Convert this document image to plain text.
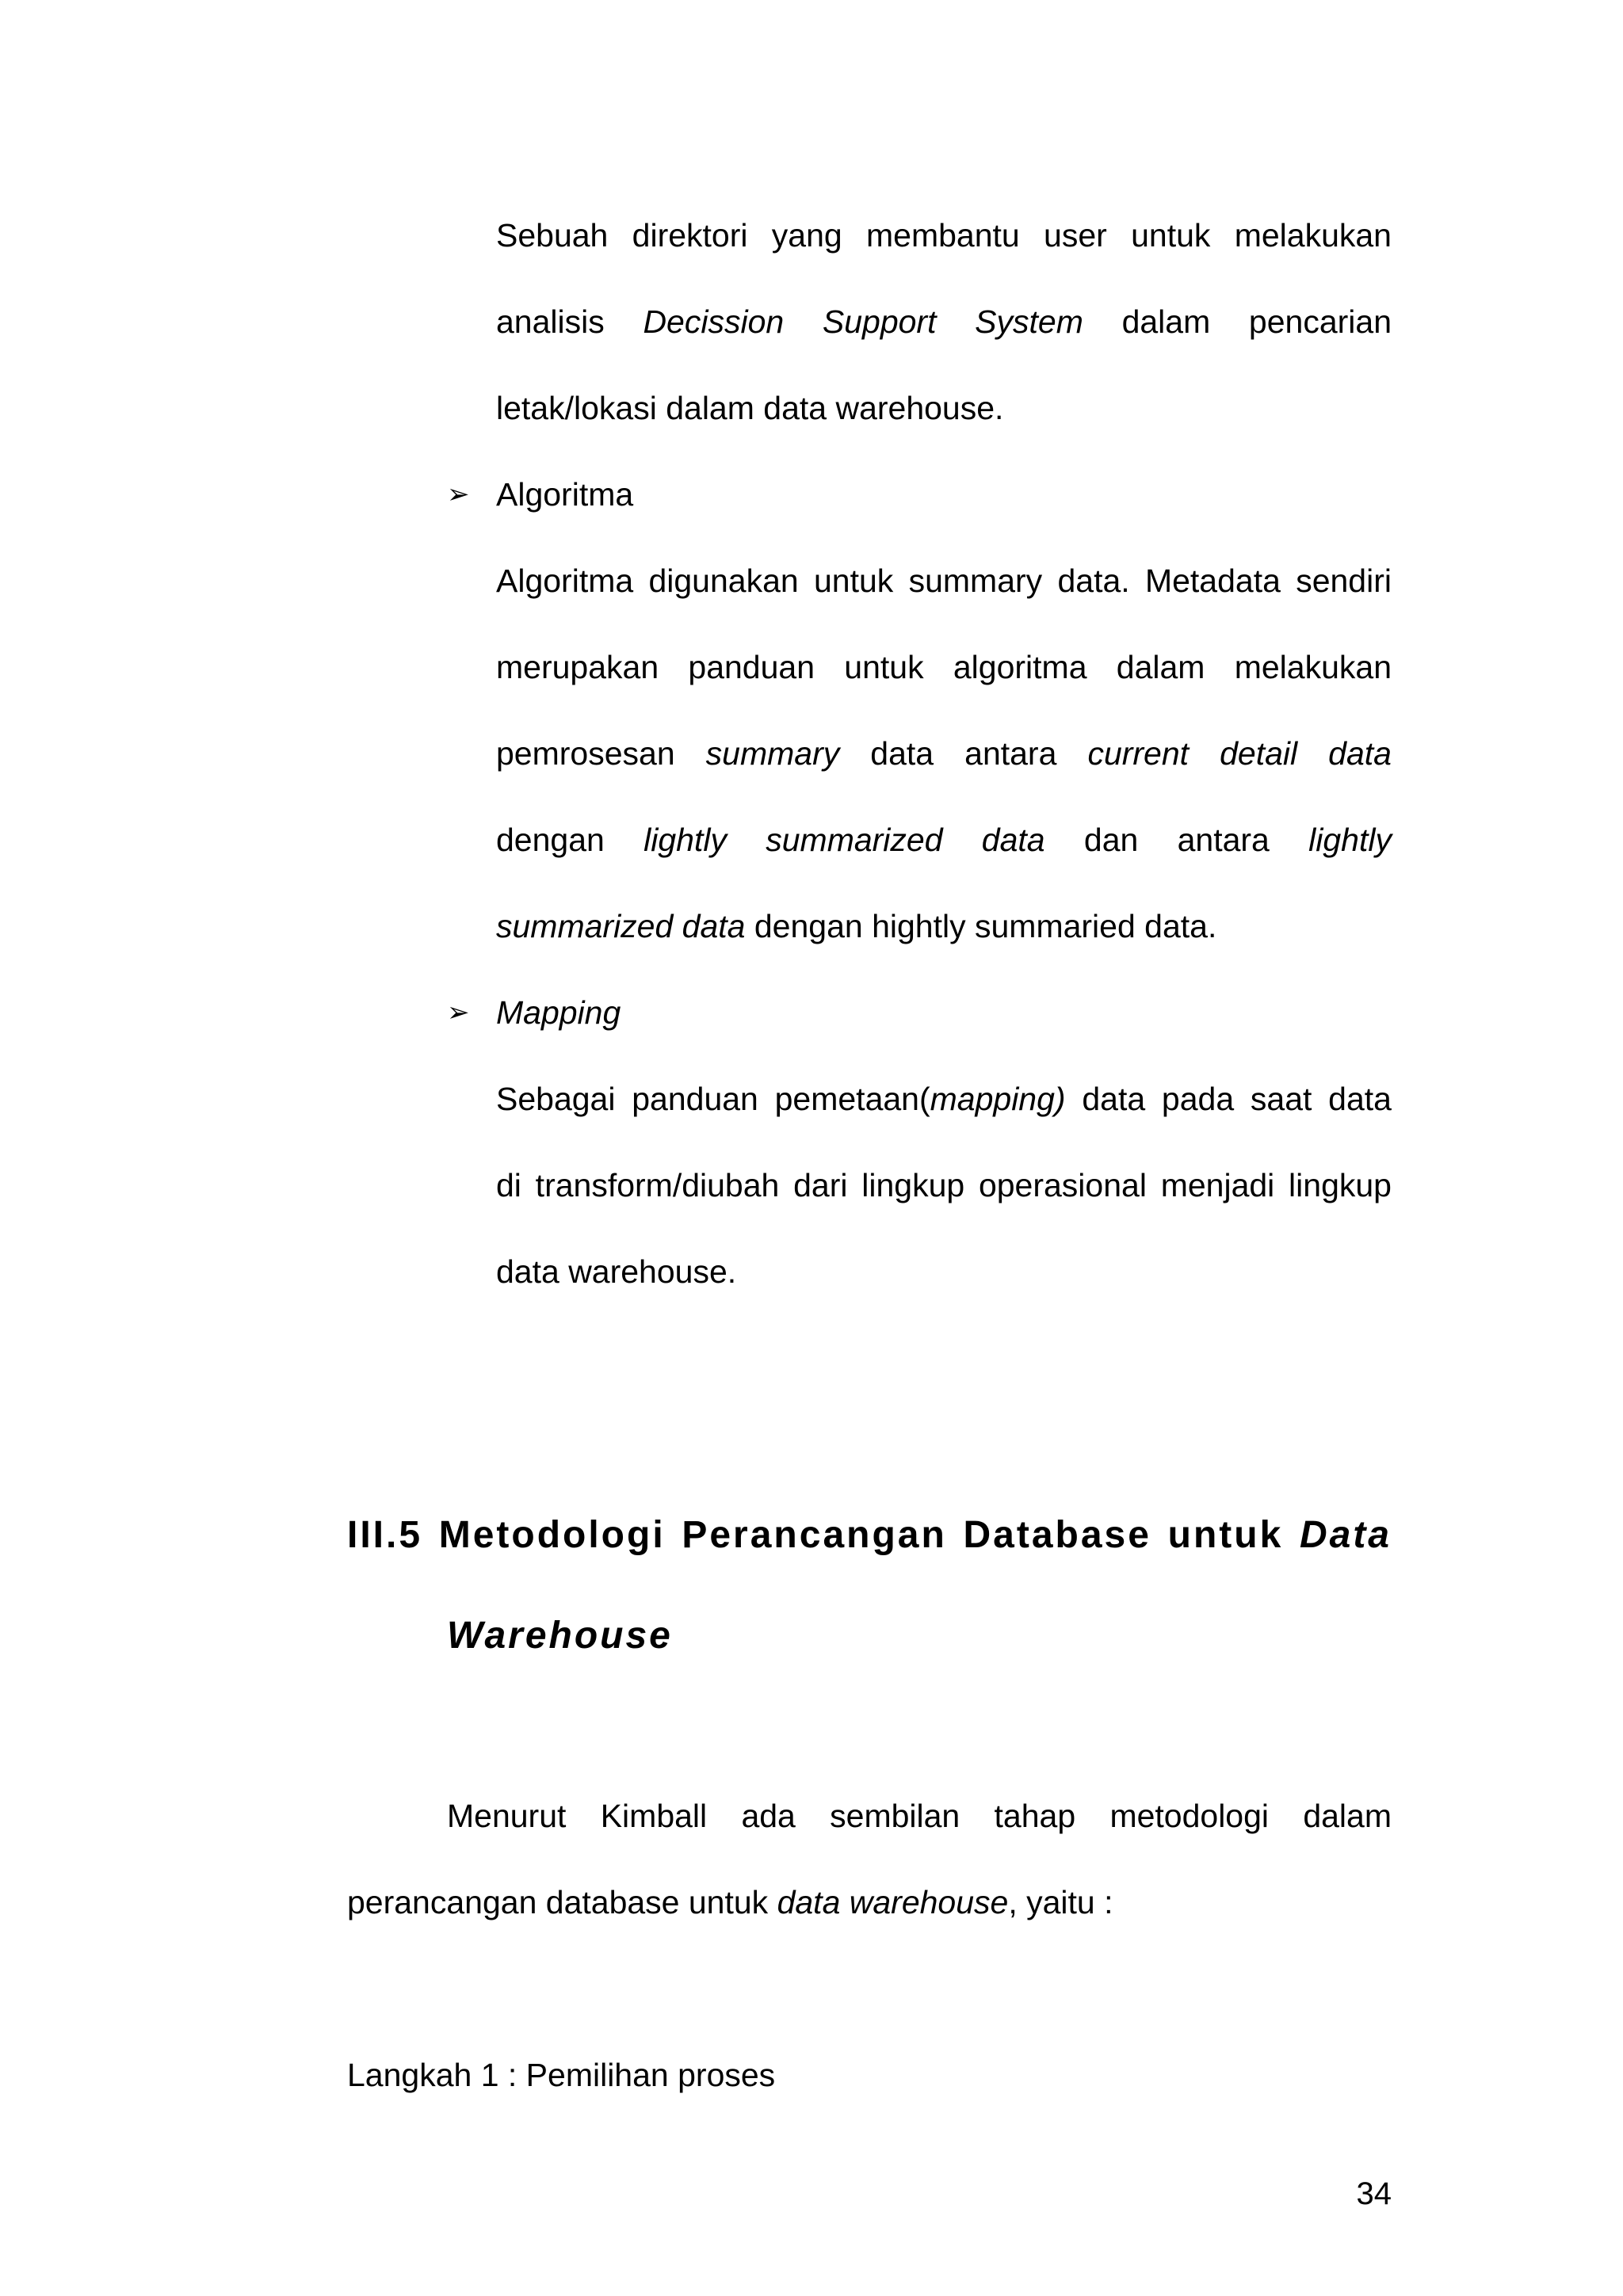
Sebuah direktori yang membantu user untuk melakukan
analisis Decission Support System dalam pencarian
letak/lokasi dalam data warehouse.
➢ Algoritma
Algoritma digunakan untuk summary data. Metadata sendiri
merupakan panduan untuk algoritma dalam melakukan
pemrosesan summary data antara current detail data
dengan lightly summarized data dan antara lightly
summarized data dengan hightly summaried data.
➢ Mapping
Sebagai panduan pemetaan(mapping) data pada saat data
di transform/diubah dari lingkup operasional menjadi lingkup
data warehouse.
III.5 Metodologi Perancangan Database untuk Data
Warehouse
Menurut Kimball ada sembilan tahap metodologi dalam
perancangan database untuk data warehouse, yaitu :
Langkah 1 : Pemilihan proses
34
